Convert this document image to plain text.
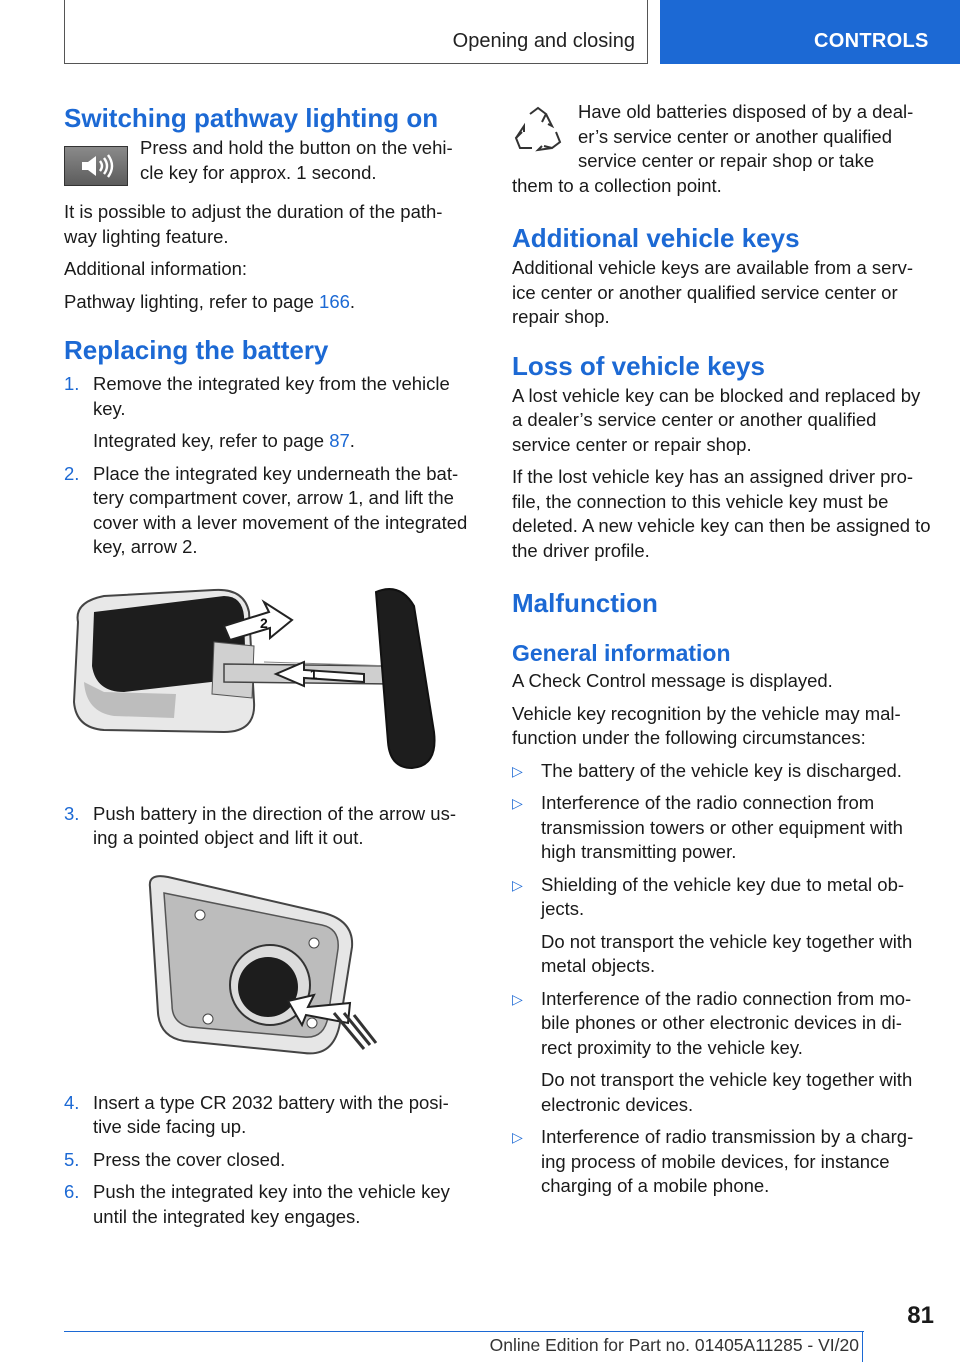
Opening and closing	CONTROLS
Switching pathway lighting on

Press and hold the button on the vehi-cle key for approx. 1 second.

It is possible to adjust the duration of the path-way lighting feature.

Additional information:

Pathway lighting, refer to page 166.

Replacing the battery
1. Remove the integrated key from the vehicle key.

Integrated key, refer to page 87.

2. Place the integrated key underneath the bat-tery compartment cover, arrow 1, and lift the cover with a lever movement of the integrated key, arrow 2.

2
1
3. Push battery in the direction of the arrow us-ing a pointed object and lift it out.

4. Insert a type CR 2032 battery with the posi-tive side facing up.

5. Press the cover closed.

6. Push the integrated key into the vehicle key until the integrated key engages.

Have old batteries disposed of by a deal-er’s service center or another qualified service center or repair shop or take

them to a collection point.

Additional vehicle keys

Additional vehicle keys are available from a serv-ice center or another qualified service center or repair shop.

Loss of vehicle keys

A lost vehicle key can be blocked and replaced by a dealer’s service center or another qualified service center or repair shop.

If the lost vehicle key has an assigned driver pro-file, the connection to this vehicle key must be deleted. A new vehicle key can then be assigned to the driver profile.

Malfunction
General information

A Check Control message is displayed.

Vehicle key recognition by the vehicle may mal-function under the following circumstances:

▷ The battery of the vehicle key is discharged.

▷ Interference of the radio connection from transmission towers or other equipment with high transmitting power.

▷ Shielding of the vehicle key due to metal ob-jects.

Do not transport the vehicle key together with metal objects.

▷ Interference of the radio connection from mo-bile phones or other electronic devices in di-rect proximity to the vehicle key.

Do not transport the vehicle key together with electronic devices.

▷ Interference of radio transmission by a charg-ing process of mobile devices, for instance charging of a mobile phone.

81
Online Edition for Part no. 01405A11285 - VI/20
